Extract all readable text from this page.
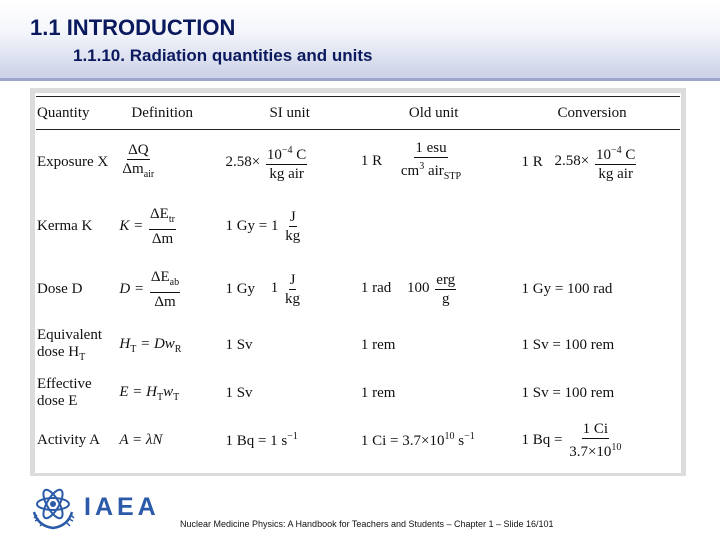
1.1 INTRODUCTION
1.1.10. Radiation quantities and units
Quantity	Definition	SI unit	Old unit	Conversion
Exposure X	$\frac{\Delta Q}{\Delta m_{air}}$	$2.58\times \frac{10^{-4} C}{\text{kg air}}$	1 R $\frac{\text{1 esu}}{cm^3 air_{STP}}$	1 R $2.58\times \frac{10^{-4} C}{\text{kg air}}$

Kerma K	$K = \frac{\Delta E_{tr}}{\Delta m}$	1 $Gy = 1 \frac{J}{kg}$

Dose D	$D = \frac{\Delta E_{ab}}{\Delta m}$	1 Gy $1 \frac{J}{kg}$	1 rad $100 \frac{\text{erg}}{g}$	1 Gy = 100 rad

Equivalent
dose $H_T$	$H_T = Dw_R$	1 Sv	1 rem	1 Sv = 100 rem

Effective
dose E	$E = H_Tw_T$	1 Sv	1 rem	1 Sv = 100 rem
Activity A	A = λN	1 Bq = 1 $s^{-1}$	1 $Ci = 3.7\times 10^{10}$ $s^{-1}$	1 $Bq = \frac{1 Ci}{3.7\times 10^{10}}$
IAEA
Nuclear Medicine Physics: A Handbook for Teachers and Students – Chapter 1 – Slide 16/101
